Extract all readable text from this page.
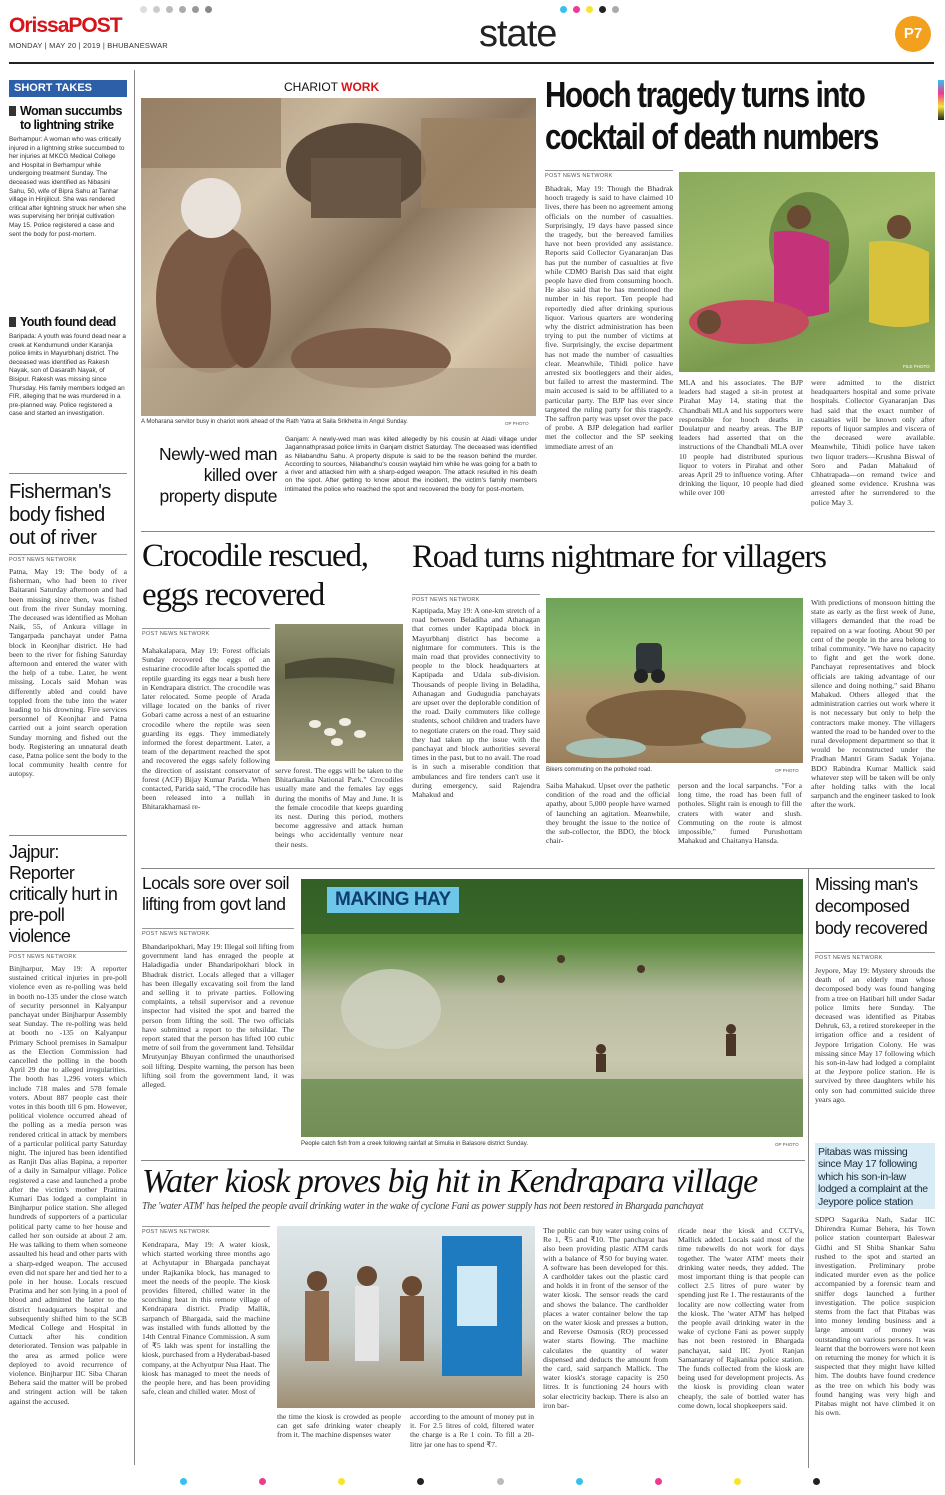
OrissaPOST
MONDAY | MAY 20 | 2019 | BHUBANESWAR	state	P7
SHORT TAKES
Woman succumbs to lightning strike
Berhampur: A woman who was critically injured in a lightning strike succumbed to her injuries at MKCG Medical College and Hospital in Berhampur while undergoing treatment Sunday. The deceased was identified as Nibasini Sahu, 50, wife of Bipra Sahu at Tanhar village in Hinjilicut. She was rendered critical after lightning struck her when she was supervising her brinjal cultivation May 15. Police registered a case and sent the body for post-mortem.
Youth found dead
Baripada: A youth was found dead near a creek at Kendumundi under Karanjia police limits in Mayurbhanj district. The deceased was identified as Rakesh Nayak, son of Dasarath Nayak, of Bisipur. Rakesh was missing since Thursday. His family members lodged an FIR, alleging that he was murdered in a pre-planned way. Police registered a case and started an investigation.
Fisherman's body fished out of river
POST NEWS NETWORK
Patna, May 19: The body of a fisherman, who had been to river Baitarani Saturday afternoon and had been missing since then, was fished out from the river Sunday morning. The deceased was identified as Mohan Naik, 55, of Ankura village in Tangarpada panchayat under Patna block in Keonjhar district. He had been to the river for fishing Saturday afternoon and entered the water with the help of a tube. Later, he went missing. Locals said Mohan was differently abled and could have toppled from the tube into the water leading to his drowning. Fire services personnel of Keonjhar and Patna carried out a joint search operation Sunday morning and fished out the body. Registering an unnatural death case, Patna police sent the body to the local community health centre for autopsy.
Jajpur: Reporter critically hurt in pre-poll violence
POST NEWS NETWORK
Binjharpur, May 19: A reporter sustained critical injuries in pre-poll violence even as re-polling was held in booth no-135 under the close watch of security personnel in Kalyanpur panchayat under Binjharpur Assembly seat Sunday. The re-polling was held at booth no -135 on Kalyanpur Primary School premises in Samalpur as the Election Commission had cancelled the polling in the booth April 29 due to alleged irregularities. The booth has 1,296 voters which include 718 males and 578 female voters. About 887 people cast their votes in this booth till 6 pm. However, political violence occurred ahead of the polling as a media person was rendered critical in attack by members of a particular political party Saturday night. The injured has been identified as Ranjit Das alias Bapina, a reporter of a daily in Samalpur village. Police registered a case and launched a probe after the victim's mother Pratima Kumari Das lodged a complaint in Binjharpur police station. She alleged hundreds of supporters of a particular political party came to her house and called her son outside at about 2 am. He was talking to them when someone assaulted his head and other parts with a sharp-edged weapon. The accused even did not spare her and tied her to a pole in her house. Locals rescued Pratima and her son lying in a pool of blood and admitted the latter to the district headquarters hospital and subsequently shifted him to the SCB Medical College and Hospital in Cuttack after his condition deteriorated. Tension was palpable in the area as armed police were deployed to avoid recurrence of violence. Binjharpur IIC Siba Charan Behera said the matter will be probed and stringent action will be taken against the accused.
CHARIOT WORK
A Moharana servitor busy in chariot work ahead of the Rath Yatra at Saila Srikhetra in Angul Sunday.	OP PHOTO
Newly-wed man killed over property dispute
Ganjam: A newly-wed man was killed allegedly by his cousin at Aladi village under Jagannathprasad police limits in Ganjam district Saturday. The deceased was identified as Nilabandhu Sahu. A property dispute is said to be the reason behind the murder. According to sources, Nilabandhu's cousin waylaid him while he was going for a bath to a river and attacked him with a sharp-edged weapon. The attack resulted in his death on the spot. After getting to know about the incident, the victim's family members intimated the police who reached the spot and recovered the body for post-mortem.
Hooch tragedy turns into
cocktail of death numbers
POST NEWS NETWORK
Bhadrak, May 19: Though the Bhadrak hooch tragedy is said to have claimed 10 lives, there has been no agreement among officials on the number of casualties. Surprisingly, 19 days have passed since the tragedy, but the bereaved families have not been provided any assistance. Reports said Collector Gyanaranjan Das has put the number of casualties at five while CDMO Barish Das said that eight people have died from consuming hooch. He also said that he has mentioned the number in his report. Ten people had reportedly died after drinking spurious liquor. Various quarters are wondering why the district administration has been trying to put the number of victims at five. Surprisingly, the excise department has not made the number of casualties clear. Meanwhile, Tihidi police have arrested six bootleggers and their aides, but failed to arrest the mastermind. The main accused is said to be affiliated to a particular party. The BJP has ever since targeted the ruling party for this tragedy. The saffron party was upset over the pace of probe. A BJP delegation had earlier met the collector and the SP seeking immediate arrest of an
FILE PHOTO
MLA and his associates. The BJP leaders had staged a sit-in protest at Pirahat May 14, stating that the Chandbali MLA and his supporters were responsible for hooch deaths in Doulatpur and nearby areas. The BJP leaders had asserted that on the instructions of the Chandbali MLA over 10 people had distributed spurious liquor to voters in Pirahat and other areas April 29 to influence voting. After drinking the liquor, 10 people had died while over 100
were admitted to the district headquarters hospital and some private hospitals. Collector Gyanaranjan Das had said that the exact number of casualties will be known only after reports of liquor samples and viscera of the deceased were available. Meanwhile, Tihidi police have taken two liquor traders—Krushna Biswal of Soro and Padan Mahakud of Chhatrapada—on remand twice and gleaned some evidence. Krushna was arrested after he surrendered to the police May 3.
Crocodile rescued, eggs recovered
POST NEWS NETWORK
Mahakalapara, May 19: Forest officials Sunday recovered the eggs of an estuarine crocodile after locals spotted the reptile guarding its eggs near a bush here in Kendrapara district. The crocodile was later relocated. Some people of Arada village located on the banks of river Gobari came across a nest of an estuarine crocodile where the reptile was seen guarding its eggs. They immediately informed the forest department. Later, a team of the department reached the spot and recovered the eggs safely following the direction of assistant conservator of forest (ACF) Bijay Kumar Parida. When contacted, Parida said, "The crocodile has been released into a nullah in Bhitarakharnasi re-
serve forest. The eggs will be taken to the Bhitarkanika National Park." Crocodiles usually mate and the females lay eggs during the months of May and June. It is the female crocodile that keeps guarding its nest. During this period, mothers become aggressive and attack human beings who accidentally venture near their nests.
Road turns nightmare for villagers
POST NEWS NETWORK
Kaptipada, May 19: A one-km stretch of a road between Beladiha and Athanagan that comes under Kaptipada block in Mayurbhanj district has become a nightmare for commuters. This is the main road that provides connectivity to people to the block headquarters at Kaptipada and Udala sub-division. Thousands of people living in Beladiha, Athanagan and Gudugudia panchayats are upset over the deplorable condition of the road. Daily commuters like college students, school children and traders have to negotiate craters on the road. They said they had taken up the issue with the panchayat and block authorities several times in the past, but to no avail. The road is in such a miserable condition that ambulances and fire tenders can't use it during emergency, said Rajendra Mahakud and
Bikers commuting on the potholed road.	OP PHOTO
Saiba Mahakud. Upset over the pathetic condition of the road and the official apathy, about 5,000 people have warned of launching an agitation. Meanwhile, they brought the issue to the notice of the sub-collector, the BDO, the block chair-
person and the local sarpanchs. "For a long time, the road has been full of potholes. Slight rain is enough to fill the craters with water and slush. Commuting on the route is almost impossible," fumed Purushottam Mahakud and Chaitanya Hansda.
With predictions of monsoon hitting the state as early as the first week of June, villagers demanded that the road be repaired on a war footing. About 90 per cent of the people in the area belong to tribal community. "We have no capacity to fight and get the work done. Panchayat representatives and block officials are taking advantage of our silence and doing nothing," said Bhanu Mahakud. Others alleged that the administration carries out work where it is not necessary but only to help the contractors make money. The villagers wanted the road to be handed over to the rural development department so that it would be reconstructed under the Pradhan Mantri Gram Sadak Yojana. BDO Rabindra Kumar Mallick said whatever step will be taken will be only after holding talks with the local sarpanch and the engineer tasked to look after the work.
Locals sore over soil lifting from govt land
POST NEWS NETWORK
Bhandaripokhari, May 19: Illegal soil lifting from government land has enraged the people at Haladigadia under Bhandaripokhari block in Bhadrak district. Locals alleged that a villager has been illegally excavating soil from the land and selling it to private parties. Following complaints, a tehsil supervisor and a revenue inspector had visited the spot and barred the person from lifting the soil. The two officials have submitted a report to the tehsildar. The report stated that the person has lifted 100 cubic metre of soil from the government land. Tehsildar Mrutyunjay Bhuyan confirmed the unauthorised soil lifting. Despite warning, the person has been lifting soil from the government land, it was alleged.
MAKING HAY
People catch fish from a creek following rainfall at Simulia in Balasore district Sunday.	OP PHOTO
Missing man's decomposed body recovered
POST NEWS NETWORK
Jeypore, May 19: Mystery shrouds the death of an elderly man whose decomposed body was found hanging from a tree on Hatibari hill under Sadar police limits here Sunday. The deceased was identified as Pitabas Dehruk, 63, a retired storekeeper in the irrigation office and a resident of Jeypore Irrigation Colony. He was missing since May 17 following which his son-in-law had lodged a complaint at the Jeypore police station. He is survived by three daughters while his only son had committed suicide three years ago.
Pitabas was missing since May 17 following which his son-in-law lodged a complaint at the Jeypore police station
SDPO Sagarika Nath, Sadar IIC Dhirendra Kumar Behera, his Town police station counterpart Baleswar Gidhi and SI Shiba Shankar Sahu rushed to the spot and started an investigation. Preliminary probe indicated murder even as the police accompanied by a forensic team and sniffer dogs launched a further investigation. The police suspicion stems from the fact that Pitabas was into money lending business and a large amount of money was outstanding on various persons. It was learnt that the borrowers were not keen on returning the money for which it is suspected that they might have killed him. The doubts have found credence as the tree on which his body was found hanging was very high and Pitabas might not have climbed it on his own.
Water kiosk proves big hit in Kendrapara village
The 'water ATM' has helped the people avail drinking water in the wake of cyclone Fani as power supply has not been restored in Bhargada panchayat
POST NEWS NETWORK
Kendrapara, May 19: A water kiosk, which started working three months ago at Achyutapur in Bhargada panchayat under Rajkanika block, has managed to meet the needs of the people. The kiosk provides filtered, chilled water in the scorching heat in this remote village of Kendrapara district. Pradip Mallik, sarpanch of Bhargada, said the machine was installed with funds allotted by the 14th Central Finance Commission. A sum of ₹5 lakh was spent for installing the kiosk, purchased from a Hyderabad-based company, at the Achyutpur Nua Haat. The kiosk has managed to meet the needs of the people here, and has been providing safe, clean and chilled water. Most of
the time the kiosk is crowded as people can get safe drinking water cheaply from it. The machine dispenses water
according to the amount of money put in it. For 2.5 litres of cold, filtered water the charge is a Re 1 coin. To fill a 20-litre jar one has to spend ₹7.
The public can buy water using coins of Re 1, ₹5 and ₹10. The panchayat has also been providing plastic ATM cards with a balance of ₹50 for buying water. A software has been developed for this. A cardholder takes out the plastic card and holds it in front of the sensor of the water kiosk. The sensor reads the card and shows the balance. The cardholder places a water container below the tap on the water kiosk and presses a button, and Reverse Osmosis (RO) processed water starts flowing. The machine calculates the quantity of water dispensed and deducts the amount from the card, said sarpanch Mallick. The water kiosk's storage capacity is 250 litres. It is functioning 24 hours with solar electricity backup. There is also an iron bar-
ricade near the kiosk and CCTVs, Mallick added. Locals said most of the time tubewells do not work for days together. The 'water ATM' meets their drinking water needs, they added. The most important thing is that people can collect 2.5 litres of pure water by spending just Re 1. The restaurants of the locality are now collecting water from the kiosk. The 'water ATM' has helped the people avail drinking water in the wake of cyclone Fani as power supply has not been restored in Bhargada panchayat, said IIC Jyoti Ranjan Samantaray of Rajkanika police station. The funds collected from the kiosk are being used for development projects. As the kiosk is providing clean water cheaply, the sale of bottled water has come down, local shopkeepers said.
